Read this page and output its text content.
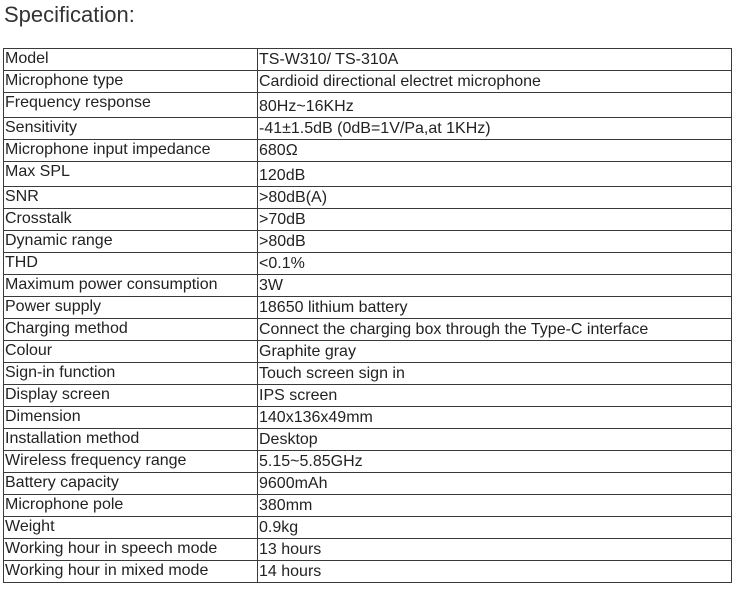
Specification:
Model	TS-W310/ TS-310A
Microphone type	Cardioid directional electret microphone
Frequency response	80Hz~16KHz
Sensitivity	-41±1.5dB (0dB=1V/Pa,at 1KHz)
Microphone input impedance	680Ω
Max SPL	120dB
SNR	>80dB(A)
Crosstalk	>70dB
Dynamic range	>80dB
THD	<0.1%
Maximum power consumption	3W
Power supply	18650 lithium battery
Charging method	Connect the charging box through the Type-C interface
Colour	Graphite gray
Sign-in function	Touch screen sign in
Display screen	IPS screen
Dimension	140x136x49mm
Installation method	Desktop
Wireless frequency range	5.15~5.85GHz
Battery capacity	9600mAh
Microphone pole	380mm
Weight	0.9kg
Working hour in speech mode	13 hours
Working hour in mixed mode	14 hours
